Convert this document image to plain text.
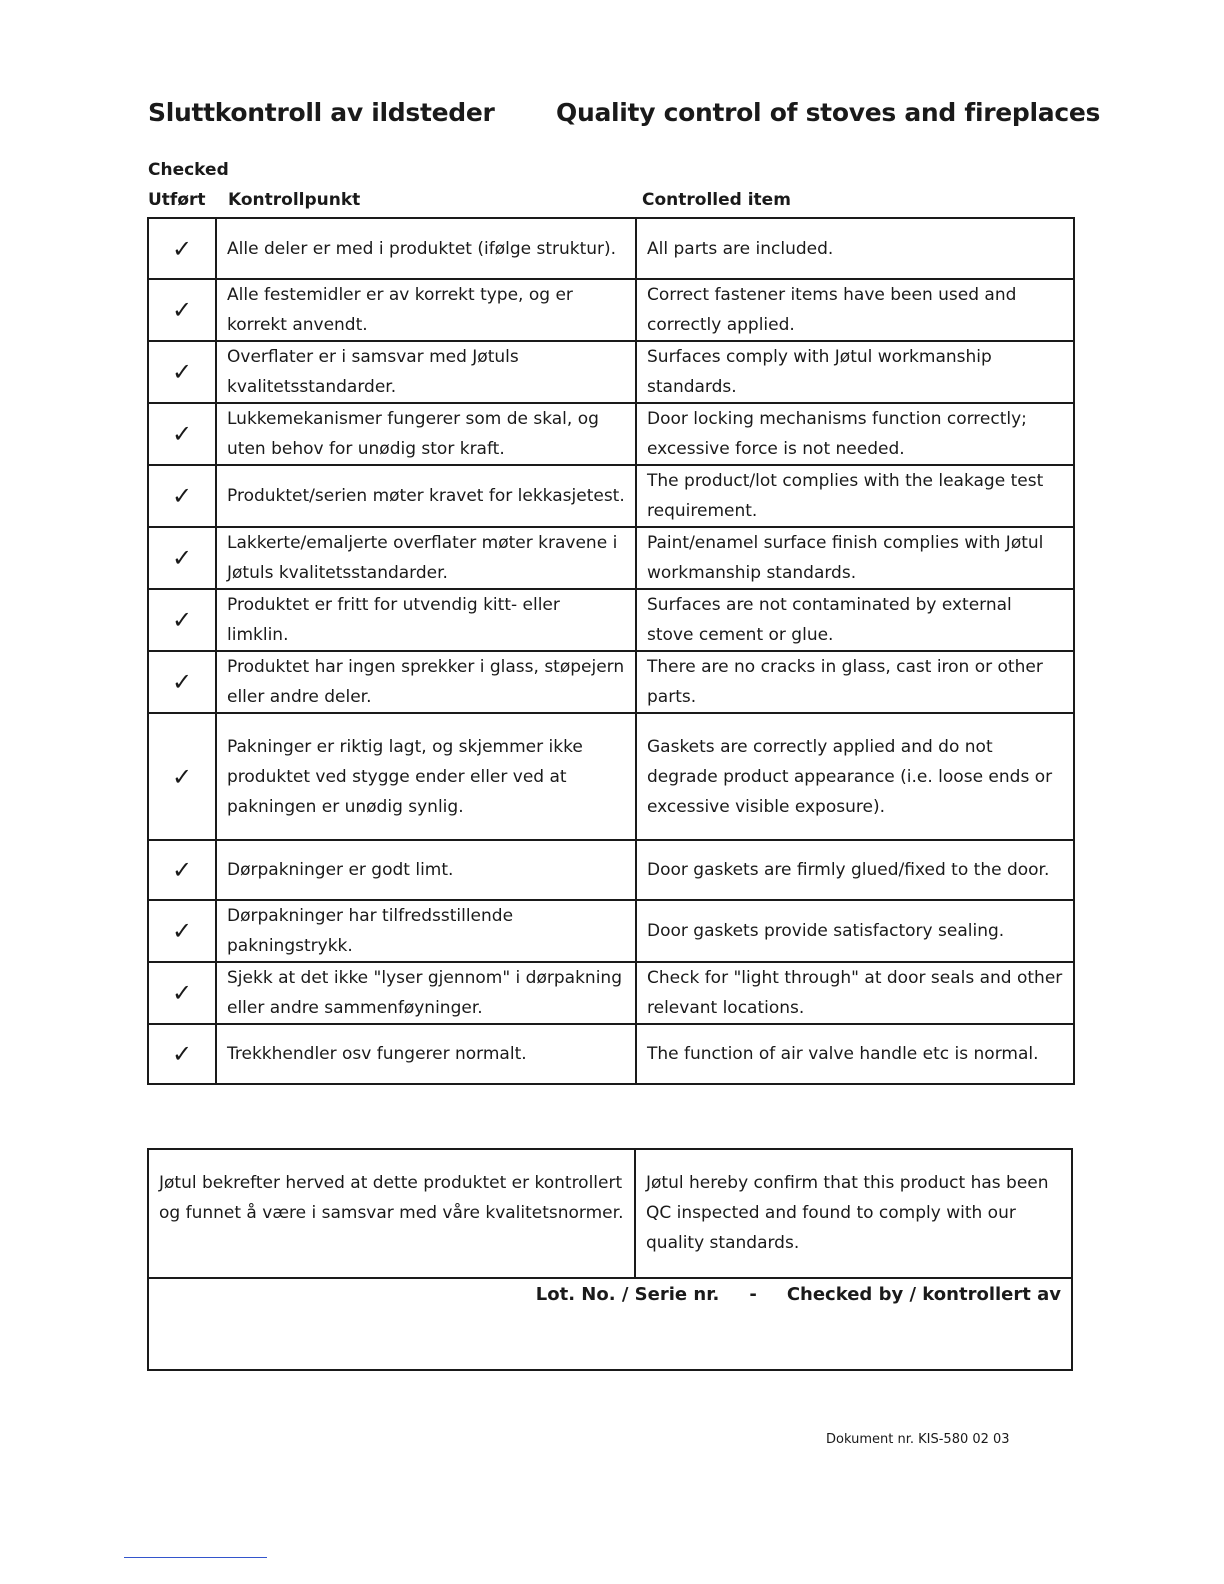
Sluttkontroll av ildsteder Quality control of stoves and fireplaces
Checked
Utført Kontrollpunkt	Controlled item
✓	Alle deler er med i produktet (ifølge struktur).	All parts are included.
✓	Alle festemidler er av korrekt type, og er korrekt anvendt.	Correct fastener items have been used and correctly applied.
✓	Overflater er i samsvar med Jøtuls kvalitetsstandarder.	Surfaces comply with Jøtul workmanship standards.
✓	Lukkemekanismer fungerer som de skal, og uten behov for unødig stor kraft.	Door locking mechanisms function correctly; excessive force is not needed.
✓	Produktet/serien møter kravet for lekkasjetest.	The product/lot complies with the leakage test requirement.
✓	Lakkerte/emaljerte overflater møter kravene i Jøtuls kvalitetsstandarder.	Paint/enamel surface finish complies with Jøtul workmanship standards.
✓	Produktet er fritt for utvendig kitt- eller limklin.	Surfaces are not contaminated by external stove cement or glue.
✓	Produktet har ingen sprekker i glass, støpejern eller andre deler.	There are no cracks in glass, cast iron or other parts.
✓	Pakninger er riktig lagt, og skjemmer ikke produktet ved stygge ender eller ved at pakningen er unødig synlig.	Gaskets are correctly applied and do not degrade product appearance (i.e. loose ends or excessive visible exposure).
✓	Dørpakninger er godt limt.	Door gaskets are firmly glued/fixed to the door.
✓	Dørpakninger har tilfredsstillende pakningstrykk.	Door gaskets provide satisfactory sealing.
✓	Sjekk at det ikke "lyser gjennom" i dørpakning eller andre sammenføyninger.	Check for "light through" at door seals and other relevant locations.
✓	Trekkhendler osv fungerer normalt.	The function of air valve handle etc is normal.
Jøtul bekrefter herved at dette produktet er kontrollert og funnet å være i samsvar med våre kvalitetsnormer.	Jøtul hereby confirm that this product has been QC inspected and found to comply with our quality standards.
Lot. No. / Serie nr. - Checked by / kontrollert av
Dokument nr. KIS-580 02 03
